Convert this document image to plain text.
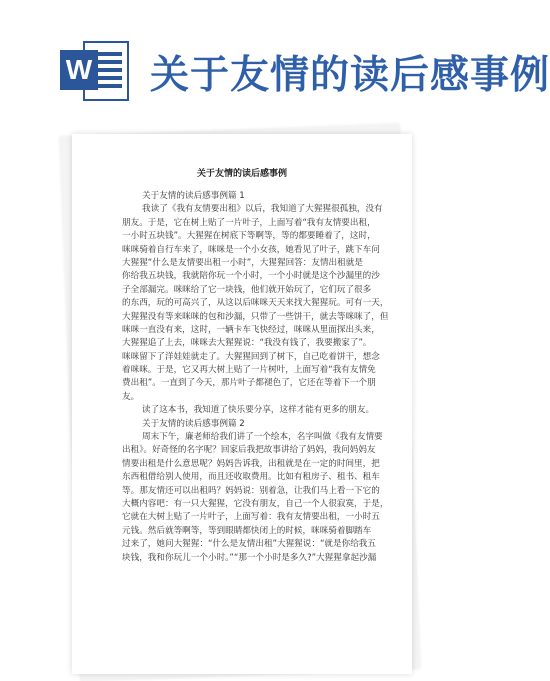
W 关于友情的读后感事例
关于友情的读后感事例
关于友情的读后感事例篇 1
我读了《我有友情要出租》以后，我知道了大猩猩很孤独，没有
朋友。于是，它在树上贴了一片叶子，上面写着“我有友情要出租，
一小时五块钱”。大猩猩在树底下等啊等，等的都要睡着了，这时，
咪咪骑着自行车来了，咪咪是一个小女孩，她看见了叶子，跳下车问
大猩猩“什么是友情要出租一小时”，大猩猩回答：友情出租就是
你给我五块钱，我就陪你玩一个小时，一个小时就是这个沙漏里的沙
子全部漏完。咪咪给了它一块钱，他们就开始玩了，它们玩了很多
的东西，玩的可高兴了，从这以后咪咪天天来找大猩猩玩。可有一天，
大猩猩没有等来咪咪的包和沙漏，只带了一些饼干，就去等咪咪了，但
咪咪一直没有来，这时，一辆卡车飞快经过，咪咪从里面探出头来，
大猩猩追了上去，咪咪去大猩猩说：“我没有钱了，我要搬家了”。
咪咪留下了洋娃娃就走了。大猩猩回到了树下，自己吃着饼干，想念
着咪咪。于是，它又再大树上贴了一片树叶，上面写着“我有友情免
费出租”。一直到了今天，那片叶子都褪色了，它还在等着下一个朋
友。
读了这本书，我知道了快乐要分享，这样才能有更多的朋友。
关于友情的读后感事例篇 2
周末下午，廉老师给我们讲了一个绘本，名字叫做《我有友情要
出租》。好奇怪的名字呢？回家后我把故事讲给了妈妈，我问妈妈友
情要出租是什么意思呢？妈妈告诉我，出租就是在一定的时间里，把
东西租借给别人使用，而且还收取费用。比如有租房子、租书、租车
等。那友情还可以出租吗？妈妈说：别着急，让我们马上看一下它的
大概内容吧：有一只大猩猩，它没有朋友，自己一个人很寂寞，于是，
它就在大树上贴了一片叶子，上面写着：我有友情要出租，一小时五
元钱。然后就等啊等，等到眼睛都快闭上的时候，咪咪骑着脚踏车
过来了，她问大猩猩：“什么是友情出租”大猩猩说：“就是你给我五
块钱，我和你玩儿一个小时。”“那一个小时是多久?”大猩猩拿起沙漏
